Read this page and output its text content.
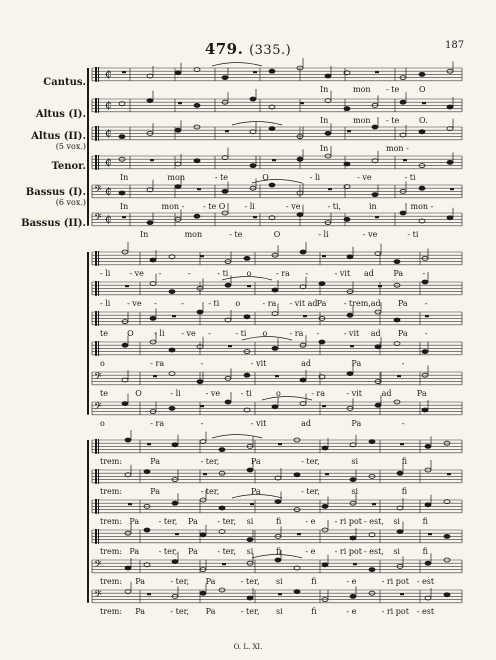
187
479. (335.)
Cantus.
Altus (I).
Altus (II).
(5 vox.)
Tenor.
Bassus (I).
(6 vox.)
Bassus (II).
¢
¢
¢
¢
𝄢 ¢
𝄢 ¢
𝄢
𝄢
𝄢
𝄢
In	mon - te O
In	mon - te O.
In	mon -
In	mon	- te	O	- li	- ve	- ti
In	mon - - te O - li	- ve	- ti,	in	mon -
In	mon	- te	O	- li	- ve	- ti
- li - ve -	-	- ti o	- ra -	- vit ad Pa -
- li - ve -	-	- ti o	- ra - vit ad Pa - trem, ad Pa -
te O	- li - ve -	- ti o	- ra -	- vit ad Pa -
o	- ra	-	- vit	ad	Pa	-
te	O	- li	- ve	- ti	o	- ra	- vit ad	Pa
o	- ra	-	- vit	ad	Pa	-
trem:	Pa	- ter,	Pa	- ter,	si	fi
trem:	Pa	- ter,	Pa	- ter,	si	fi
trem: Pa - ter, Pa - ter, si	fi	- e - ri pot - est, si	fi
trem: Pa - ter, Pa - ter, si	fi	- e - ri pot - est, si	fi
trem: Pa	- ter, Pa	- ter, si	fi	- e	- ri pot - est
trem: Pa	- ter, Pa	- ter, si	fi	- e	- ri pot - est
O. L. XI.
